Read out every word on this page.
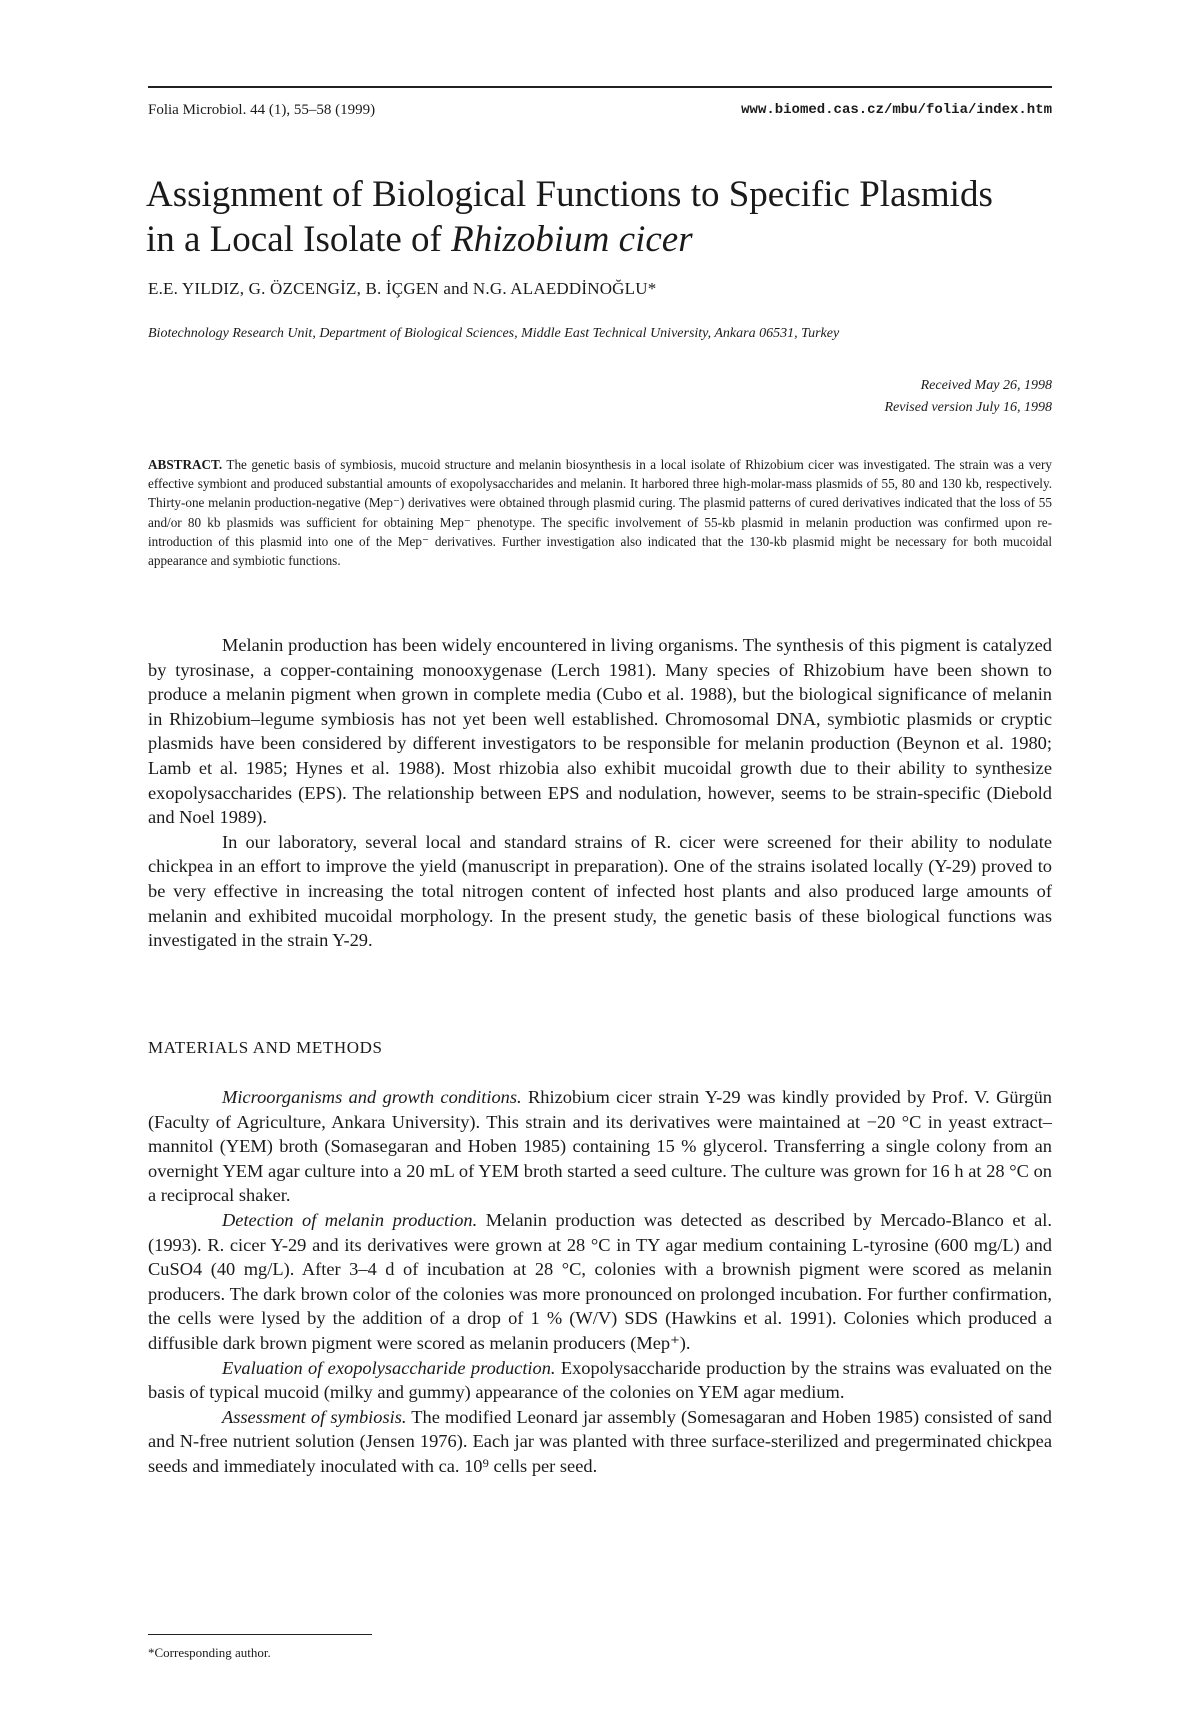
Folia Microbiol. 44 (1), 55–58 (1999)	www.biomed.cas.cz/mbu/folia/index.htm
Assignment of Biological Functions to Specific Plasmids
in a Local Isolate of Rhizobium cicer
E.E. YILDIZ, G. ÖZCENGİZ, B. İÇGEN and N.G. ALAEDDİNOĞLU*
Biotechnology Research Unit, Department of Biological Sciences, Middle East Technical University, Ankara 06531, Turkey
Received May 26, 1998
Revised version July 16, 1998

ABSTRACT. The genetic basis of symbiosis, mucoid structure and melanin biosynthesis in a local isolate of Rhizobium cicer was investigated. The strain was a very effective symbiont and produced substantial amounts of exopolysaccharides and melanin. It harbored three high-molar-mass plasmids of 55, 80 and 130 kb, respectively. Thirty-one melanin production-negative (Mep⁻) derivatives were obtained through plasmid curing. The plasmid patterns of cured derivatives indicated that the loss of 55 and/or 80 kb plasmids was sufficient for obtaining Mep⁻ phenotype. The specific involvement of 55-kb plasmid in melanin production was confirmed upon re-introduction of this plasmid into one of the Mep⁻ derivatives. Further investigation also indicated that the 130-kb plasmid might be necessary for both mucoidal appearance and symbiotic functions.

Melanin production has been widely encountered in living organisms. The synthesis of this pigment is catalyzed by tyrosinase, a copper-containing monooxygenase (Lerch 1981). Many species of Rhizobium have been shown to produce a melanin pigment when grown in complete media (Cubo et al. 1988), but the biological significance of melanin in Rhizobium–legume symbiosis has not yet been well established. Chromosomal DNA, symbiotic plasmids or cryptic plasmids have been considered by different investigators to be responsible for melanin production (Beynon et al. 1980; Lamb et al. 1985; Hynes et al. 1988). Most rhizobia also exhibit mucoidal growth due to their ability to synthesize exopolysaccharides (EPS). The relationship between EPS and nodulation, however, seems to be strain-specific (Diebold and Noel 1989).

In our laboratory, several local and standard strains of R. cicer were screened for their ability to nodulate chickpea in an effort to improve the yield (manuscript in preparation). One of the strains isolated locally (Y-29) proved to be very effective in increasing the total nitrogen content of infected host plants and also produced large amounts of melanin and exhibited mucoidal morphology. In the present study, the genetic basis of these biological functions was investigated in the strain Y-29.

MATERIALS AND METHODS

Microorganisms and growth conditions. Rhizobium cicer strain Y-29 was kindly provided by Prof. V. Gürgün (Faculty of Agriculture, Ankara University). This strain and its derivatives were maintained at −20 °C in yeast extract–mannitol (YEM) broth (Somasegaran and Hoben 1985) containing 15 % glycerol. Transferring a single colony from an overnight YEM agar culture into a 20 mL of YEM broth started a seed culture. The culture was grown for 16 h at 28 °C on a reciprocal shaker.

Detection of melanin production. Melanin production was detected as described by Mercado-Blanco et al. (1993). R. cicer Y-29 and its derivatives were grown at 28 °C in TY agar medium containing L-tyrosine (600 mg/L) and CuSO4 (40 mg/L). After 3–4 d of incubation at 28 °C, colonies with a brownish pigment were scored as melanin producers. The dark brown color of the colonies was more pronounced on prolonged incubation. For further confirmation, the cells were lysed by the addition of a drop of 1 % (W/V) SDS (Hawkins et al. 1991). Colonies which produced a diffusible dark brown pigment were scored as melanin producers (Mep⁺).

Evaluation of exopolysaccharide production. Exopolysaccharide production by the strains was evaluated on the basis of typical mucoid (milky and gummy) appearance of the colonies on YEM agar medium.

Assessment of symbiosis. The modified Leonard jar assembly (Somesagaran and Hoben 1985) consisted of sand and N-free nutrient solution (Jensen 1976). Each jar was planted with three surface-sterilized and pregerminated chickpea seeds and immediately inoculated with ca. 10⁹ cells per seed.

*Corresponding author.
